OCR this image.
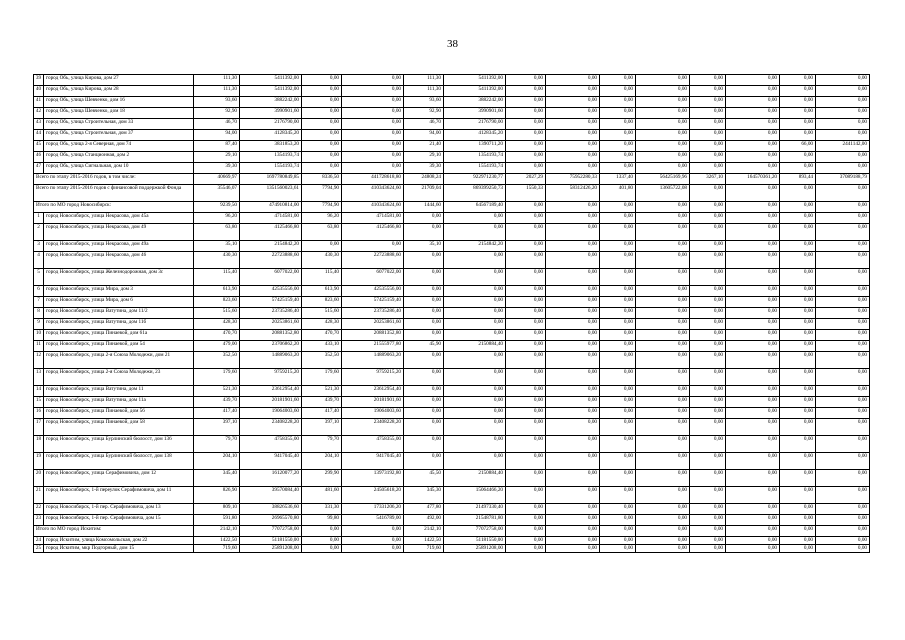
38
39	город Обь, улица Кирова, дом 27	111,30	5411392,00	0,00	0,00	111,30	5411392,00	0,00	0,00	0,00	0,00	0,00	0,00	0,00	0,00
40	город Обь, улица Кирова, дом 28	111,30	5411392,00	0,00	0,00	111,30	5411392,00	0,00	0,00	0,00	0,00	0,00	0,00	0,00	0,00
41	город Обь, улица Шевченко, дом 16	93,60	3882242,00	0,00	0,00	93,60	3882242,00	0,00	0,00	0,00	0,00	0,00	0,00	0,00	0,00
42	город Обь, улица Шевченко, дом 18	92,90	3990901,60	0,00	0,00	92,90	3990901,60	0,00	0,00	0,00	0,00	0,00	0,00	0,00	0,00
43	город Обь, улица Строительная, дом 33	46,70	2176790,00	0,00	0,00	46,70	2176790,00	0,00	0,00	0,00	0,00	0,00	0,00	0,00	0,00
44	город Обь, улица Строительная, дом 37	94,00	4128345,20	0,00	0,00	94,00	4128345,20	0,00	0,00	0,00	0,00	0,00	0,00	0,00	0,00
45	город Обь, улица 2-я Северная, дом 74	87,40	3831853,20	0,00	0,00	21,40	1390711,20	0,00	0,00	0,00	0,00	0,00	0,00	66,00	2441142,00
46	город Обь, улица Станционная, дом 2	29,10	1354193,74	0,00	0,00	29,10	1354193,74	0,00	0,00	0,00	0,00	0,00	0,00	0,00	0,00
47	город Обь, улица Сигнальная, дом 10	39,30	1554193,74	0,00	0,00	39,30	1554193,74	0,00	0,00	0,00	0,00	0,00	0,00	0,00	0,00
Всего по этапу 2015-2016 годов, в том числе:		40669,97	1697780849,85	8336,50	441728618,80	24808,24	922971230,77	2027,29	75952280,33	1337,40	56425169,96	3267,10	164570361,20	893,44	37089188,79
Всего по этапу 2015-2016 годов с финансовой поддержкой Фонда		35546,07	1351560023,61	7794,90	410343624,60	21709,04	869399250,73	1550,33	58312426,20	401,80	13605722,08	0,00	0,00	0,00	0,00
Итого по МО город Новосибирск:		9239,50	474910814,00	7794,90	410343624,60	1444,60	64567189,40	0,00	0,00	0,00	0,00	0,00	0,00	0,00	0,00
1	город Новосибирск, улица Некрасова, дом 45а	96,20	4714581,00	96,20	4714581,00	0,00	0,00	0,00	0,00	0,00	0,00	0,00	0,00	0,00	0,00
2	город Новосибирск, улица Некрасова, дом 49	63,80	4125466,80	63,80	4125466,80	0,00	0,00	0,00	0,00	0,00	0,00	0,00	0,00	0,00	0,00
3	город Новосибирск, улица Некрасова, дом 49а	35,10	2154842,20	0,00	0,00	35,10	2154842,20	0,00	0,00	0,00	0,00	0,00	0,00	0,00	0,00
4	город Новосибирск, улица Некрасова, дом 46	430,30	22723888,60	430,30	22723888,60	0,00	0,00	0,00	0,00	0,00	0,00	0,00	0,00	0,00	0,00
5	город Новосибирск, улица Железнодорожная, дом 3с	115,40	6077022,00	115,40	6077022,00	0,00	0,00	0,00	0,00	0,00	0,00	0,00	0,00	0,00	0,00
6	город Новосибирск, улица Мира, дом 3	613,90	42535556,00	613,90	42535556,00	0,00	0,00	0,00	0,00	0,00	0,00	0,00	0,00	0,00	0,00
7	город Новосибирск, улица Мира, дом 6	823,60	57425159,40	823,60	57425159,40	0,00	0,00	0,00	0,00	0,00	0,00	0,00	0,00	0,00	0,00
8	город Новосибирск, улица Ватутина, дом 11/2	515,60	23735286,40	515,60	23735286,40	0,00	0,00	0,00	0,00	0,00	0,00	0,00	0,00	0,00	0,00
9	город Новосибирск, улица Ватутина, дом 11б	428,30	20253861,60	428,30	20253861,60	0,00	0,00	0,00	0,00	0,00	0,00	0,00	0,00	0,00	0,00
10	город Новосибирск, улица Пинаевой, дом 61а	470,70	20881352,80	470,70	20881352,80	0,00	0,00	0,00	0,00	0,00	0,00	0,00	0,00	0,00	0,00
11	город Новосибирск, улица Пинаевой, дом 54	479,00	23706862,20	433,10	21555977,80	45,90	2150884,40	0,00	0,00	0,00	0,00	0,00	0,00	0,00	0,00
12	город Новосибирск, улица 2-я Союза Молодежи, дом 21	352,50	14889063,20	352,50	14889063,20	0,00	0,00	0,00	0,00	0,00	0,00	0,00	0,00	0,00	0,00
13	город Новосибирск, улица 2-я Союза Молодежи, 23	179,60	9759215,20	179,60	9759215,20	0,00	0,00	0,00	0,00	0,00	0,00	0,00	0,00	0,00	0,00
14	город Новосибирск, улица Ватутина, дом 11	521,30	23612954,40	521,30	23612954,40	0,00	0,00	0,00	0,00	0,00	0,00	0,00	0,00	0,00	0,00
15	город Новосибирск, улица Ватутина, дом 11а	439,70	20181901,60	439,70	20181901,60	0,00	0,00	0,00	0,00	0,00	0,00	0,00	0,00	0,00	0,00
16	город Новосибирск, улица Пинаевой, дом 56	417,40	19064003,60	417,40	19064003,60	0,00	0,00	0,00	0,00	0,00	0,00	0,00	0,00	0,00	0,00
17	город Новосибирск, улица Пинаевой, дом 58	397,10	23408228,20	397,10	23408228,20	0,00	0,00	0,00	0,00	0,00	0,00	0,00	0,00	0,00	0,00
18	город Новосибирск, улица Бурлинский бюлосст, дом 136	79,70	4758355,00	79,70	4758355,00	0,00	0,00	0,00	0,00	0,00	0,00	0,00	0,00	0,00	0,00
19	город Новосибирск, улица Бурлинский бюлосст, дом 138	204,10	9417045,40	204,10	9417045,40	0,00	0,00	0,00	0,00	0,00	0,00	0,00	0,00	0,00	0,00
20	город Новосибирск, улица Серафимовича, дом 12	345,40	16120077,20	299,90	13973192,80	45,50	2150884,40	0,00	0,00	0,00	0,00	0,00	0,00	0,00	0,00
21	город Новосибирск, 1-й переулок Серафимовича, дом 11	826,90	39570084,40	481,60	24505618,20	345,30	15064466,20	0,00	0,00	0,00	0,00	0,00	0,00	0,00	0,00
22	город Новосибирск, 1-й пер. Серафимовича, дом 13	809,10	38826536,60	331,30	17331206,20	477,80	21497330,40	0,00	0,00	0,00	0,00	0,00	0,00	0,00	0,00
23	город Новосибирск, 1-й пер. Серафимовича, дом 15	591,80	26965570,80	99,80	5416789,00	492,00	21548781,80	0,00	0,00	0,00	0,00	0,00	0,00	0,00	0,00
Итого по МО город Искитим:		2142,10	77072758,00	0,00	0,00	2142,10	77072758,00	0,00	0,00	0,00	0,00	0,00	0,00	0,00	0,00
24	город Искитим, улица Комсомольская, дом 22	1422,50	51181550,00	0,00	0,00	1422,50	51181550,00	0,00	0,00	0,00	0,00	0,00	0,00	0,00	0,00
25	город Искитим, мкр Подгорный, дом 15	719,60	25891208,00	0,00	0,00	719,60	25891208,00	0,00	0,00	0,00	0,00	0,00	0,00	0,00	0,00
